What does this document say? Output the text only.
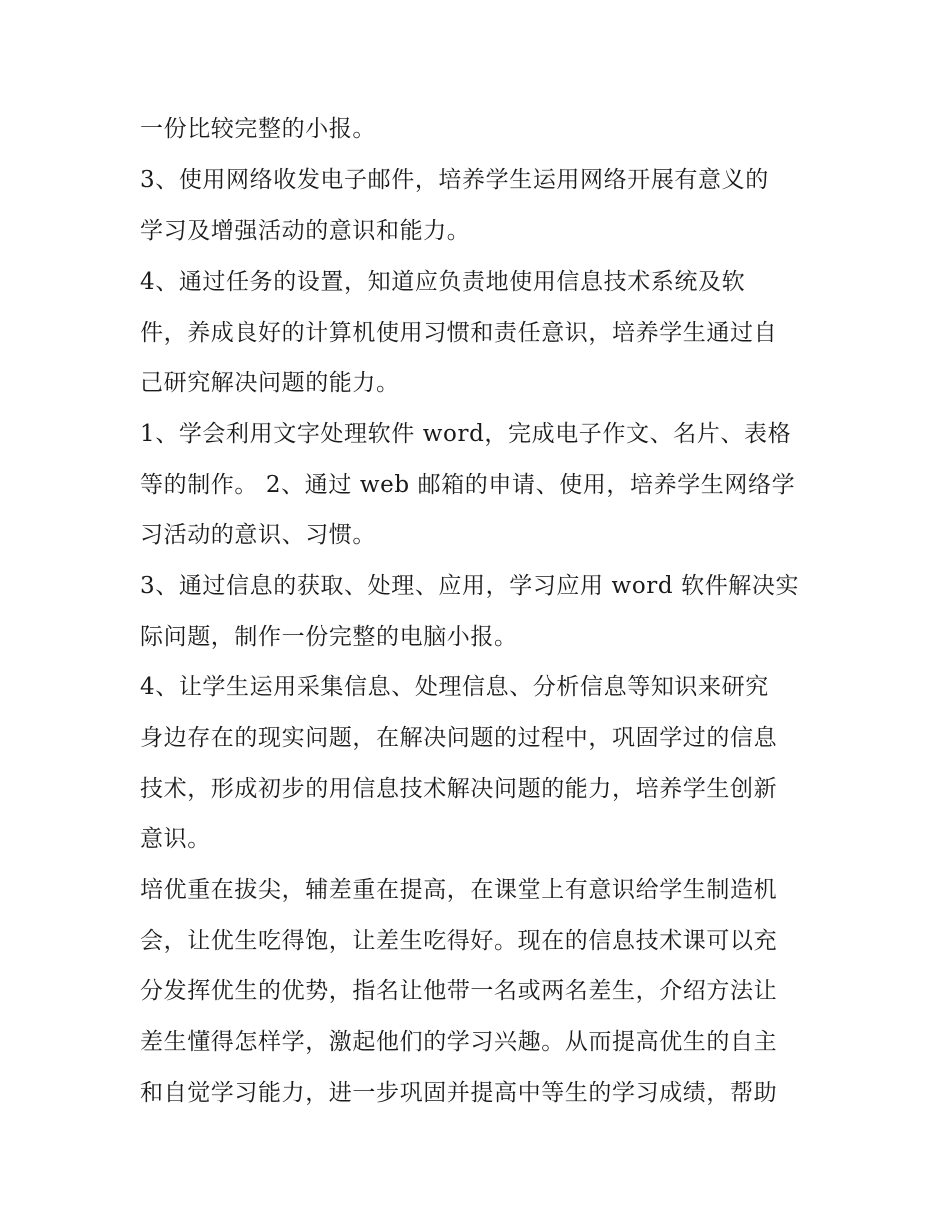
一份比较完整的小报。
3、使用网络收发电子邮件，培养学生运用网络开展有意义的
学习及增强活动的意识和能力。
4、通过任务的设置，知道应负责地使用信息技术系统及软
件，养成良好的计算机使用习惯和责任意识，培养学生通过自
己研究解决问题的能力。
1、学会利用文字处理软件 word，完成电子作文、名片、表格
等的制作。 2、通过 web 邮箱的申请、使用，培养学生网络学
习活动的意识、习惯。
3、通过信息的获取、处理、应用，学习应用 word 软件解决实
际问题，制作一份完整的电脑小报。
4、让学生运用采集信息、处理信息、分析信息等知识来研究
身边存在的现实问题，在解决问题的过程中，巩固学过的信息
技术，形成初步的用信息技术解决问题的能力，培养学生创新
意识。
培优重在拔尖，辅差重在提高，在课堂上有意识给学生制造机
会，让优生吃得饱，让差生吃得好。现在的信息技术课可以充
分发挥优生的优势，指名让他带一名或两名差生，介绍方法让
差生懂得怎样学，激起他们的学习兴趣。从而提高优生的自主
和自觉学习能力，进一步巩固并提高中等生的学习成绩，帮助
